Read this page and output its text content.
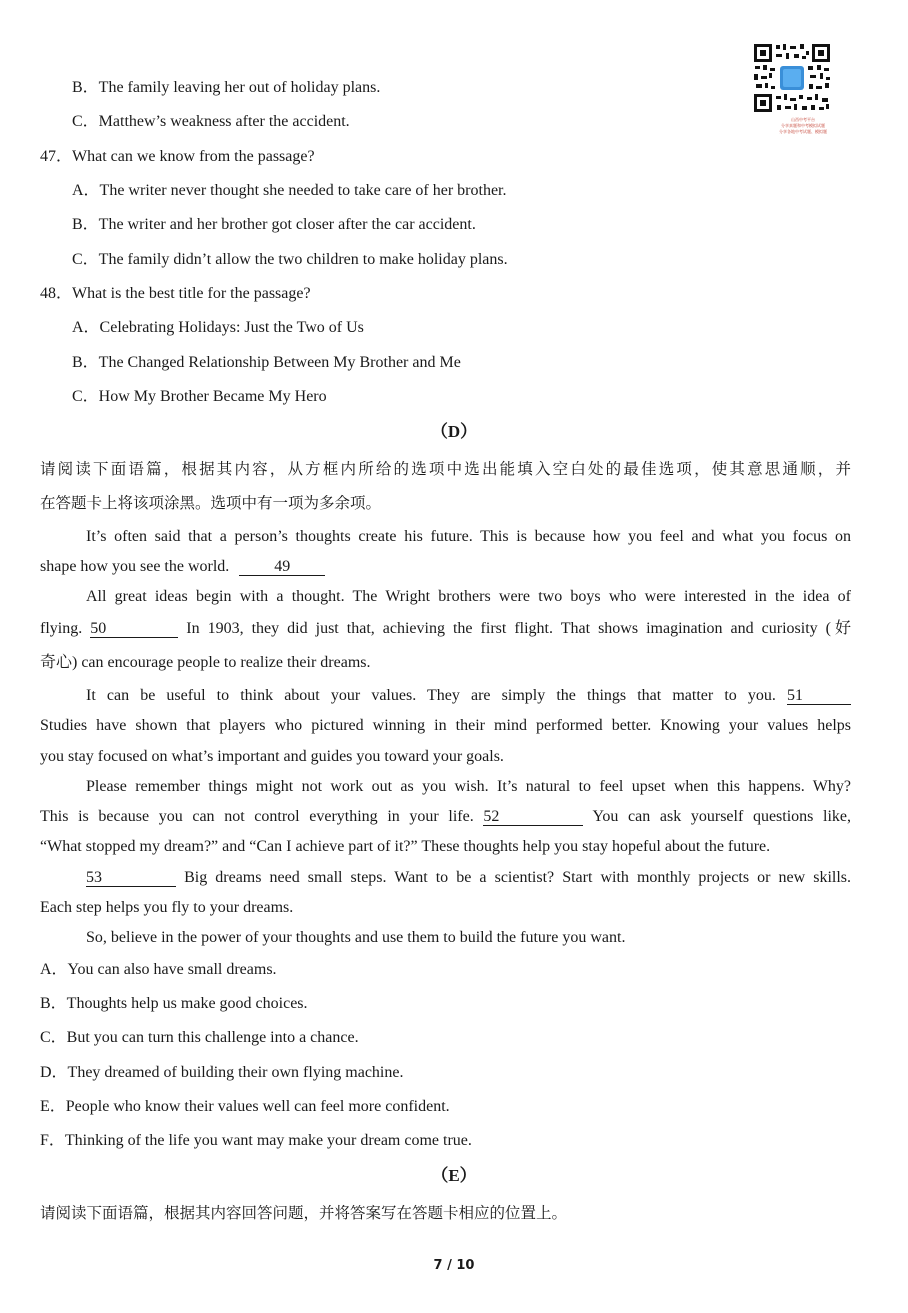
山西中考平台
分享真题和中考模拟试题
分享各地中考试题、模拟题
B．The family leaving her out of holiday plans.
C．Matthew’s weakness after the accident.
47．What can we know from the passage?
A．The writer never thought she needed to take care of her brother.
B．The writer and her brother got closer after the car accident.
C．The family didn’t allow the two children to make holiday plans.
48．What is the best title for the passage?
A．Celebrating Holidays: Just the Two of Us
B．The Changed Relationship Between My Brother and Me
C．How My Brother Became My Hero
（D）
请阅读下面语篇，根据其内容，从方框内所给的选项中选出能填入空白处的最佳选项，使其意思通顺，并
在答题卡上将该项涂黑。选项中有一项为多余项。
It’s often said that a person’s thoughts create his future. This is because how you feel and what you focus on
shape how you see the world.	49
All great ideas begin with a thought. The Wright brothers were two boys who were interested in the idea of
flying. 50	In 1903, they did just that, achieving the first flight. That shows imagination and curiosity (好
奇心) can encourage people to realize their dreams.
It can be useful to think about your values. They are simply the things that matter to you. 51
Studies have shown that players who pictured winning in their mind performed better. Knowing your values helps
you stay focused on what’s important and guides you toward your goals.
Please remember things might not work out as you wish. It’s natural to feel upset when this happens. Why?
This is because you can not control everything in your life. 52	You can ask yourself questions like,
“What stopped my dream?” and “Can I achieve part of it?” These thoughts help you stay hopeful about the future.
53	Big dreams need small steps. Want to be a scientist? Start with monthly projects or new skills.
Each step helps you fly to your dreams.
So, believe in the power of your thoughts and use them to build the future you want.
A．You can also have small dreams.
B．Thoughts help us make good choices.
C．But you can turn this challenge into a chance.
D．They dreamed of building their own flying machine.
E．People who know their values well can feel more confident.
F．Thinking of the life you want may make your dream come true.
（E）
请阅读下面语篇，根据其内容回答问题，并将答案写在答题卡相应的位置上。
7 / 10
